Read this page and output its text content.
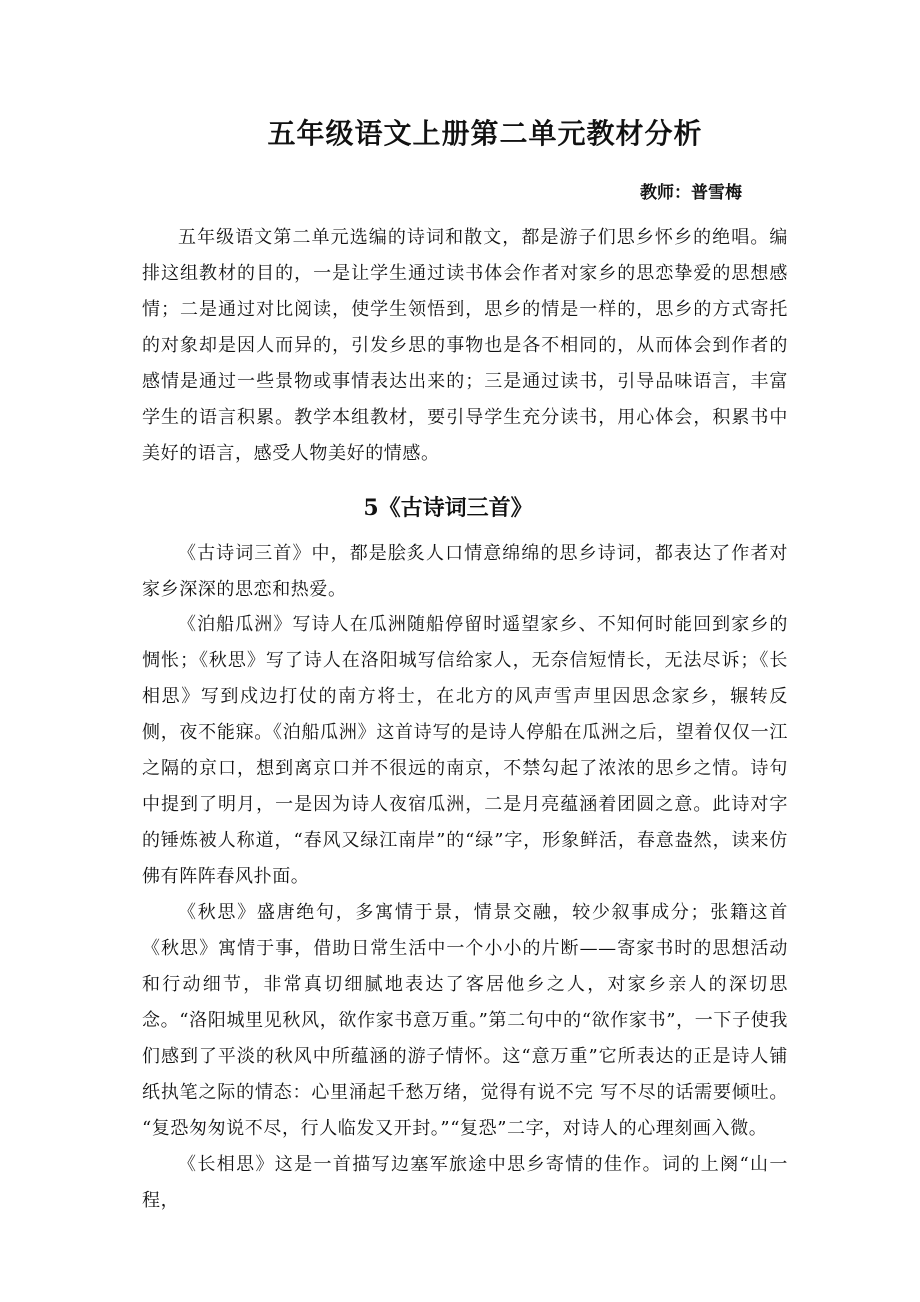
五年级语文上册第二单元教材分析
教师：普雪梅

五年级语文第二单元选编的诗词和散文，都是游子们思乡怀乡的绝唱。编排这组教材的目的，一是让学生通过读书体会作者对家乡的思恋挚爱的思想感情；二是通过对比阅读，使学生领悟到，思乡的情是一样的，思乡的方式寄托的对象却是因人而异的，引发乡思的事物也是各不相同的，从而体会到作者的感情是通过一些景物或事情表达出来的；三是通过读书，引导品味语言，丰富学生的语言积累。教学本组教材，要引导学生充分读书，用心体会，积累书中美好的语言，感受人物美好的情感。

5《古诗词三首》

《古诗词三首》中，都是脍炙人口情意绵绵的思乡诗词，都表达了作者对家乡深深的思恋和热爱。

《泊船瓜洲》写诗人在瓜洲随船停留时遥望家乡、不知何时能回到家乡的惆怅；《秋思》写了诗人在洛阳城写信给家人，无奈信短情长，无法尽诉；《长相思》写到戍边打仗的南方将士，在北方的风声雪声里因思念家乡，辗转反侧，夜不能寐。《泊船瓜洲》这首诗写的是诗人停船在瓜洲之后，望着仅仅一江之隔的京口，想到离京口并不很远的南京，不禁勾起了浓浓的思乡之情。诗句中提到了明月，一是因为诗人夜宿瓜洲，二是月亮蕴涵着团圆之意。此诗对字的锤炼被人称道，“春风又绿江南岸”的“绿”字，形象鲜活，春意盎然，读来仿佛有阵阵春风扑面。

《秋思》盛唐绝句，多寓情于景，情景交融，较少叙事成分；张籍这首《秋思》寓情于事，借助日常生活中一个小小的片断——寄家书时的思想活动和行动细节，非常真切细腻地表达了客居他乡之人，对家乡亲人的深切思念。“洛阳城里见秋风，欲作家书意万重。”第二句中的“欲作家书”，一下子使我们感到了平淡的秋风中所蕴涵的游子情怀。这“意万重”它所表达的正是诗人铺纸执笔之际的情态：心里涌起千愁万绪，觉得有说不完 写不尽的话需要倾吐。 “复恐匆匆说不尽，行人临发又开封。”“复恐”二字，对诗人的心理刻画入微。

《长相思》这是一首描写边塞军旅途中思乡寄情的佳作。词的上阕“山一程，
